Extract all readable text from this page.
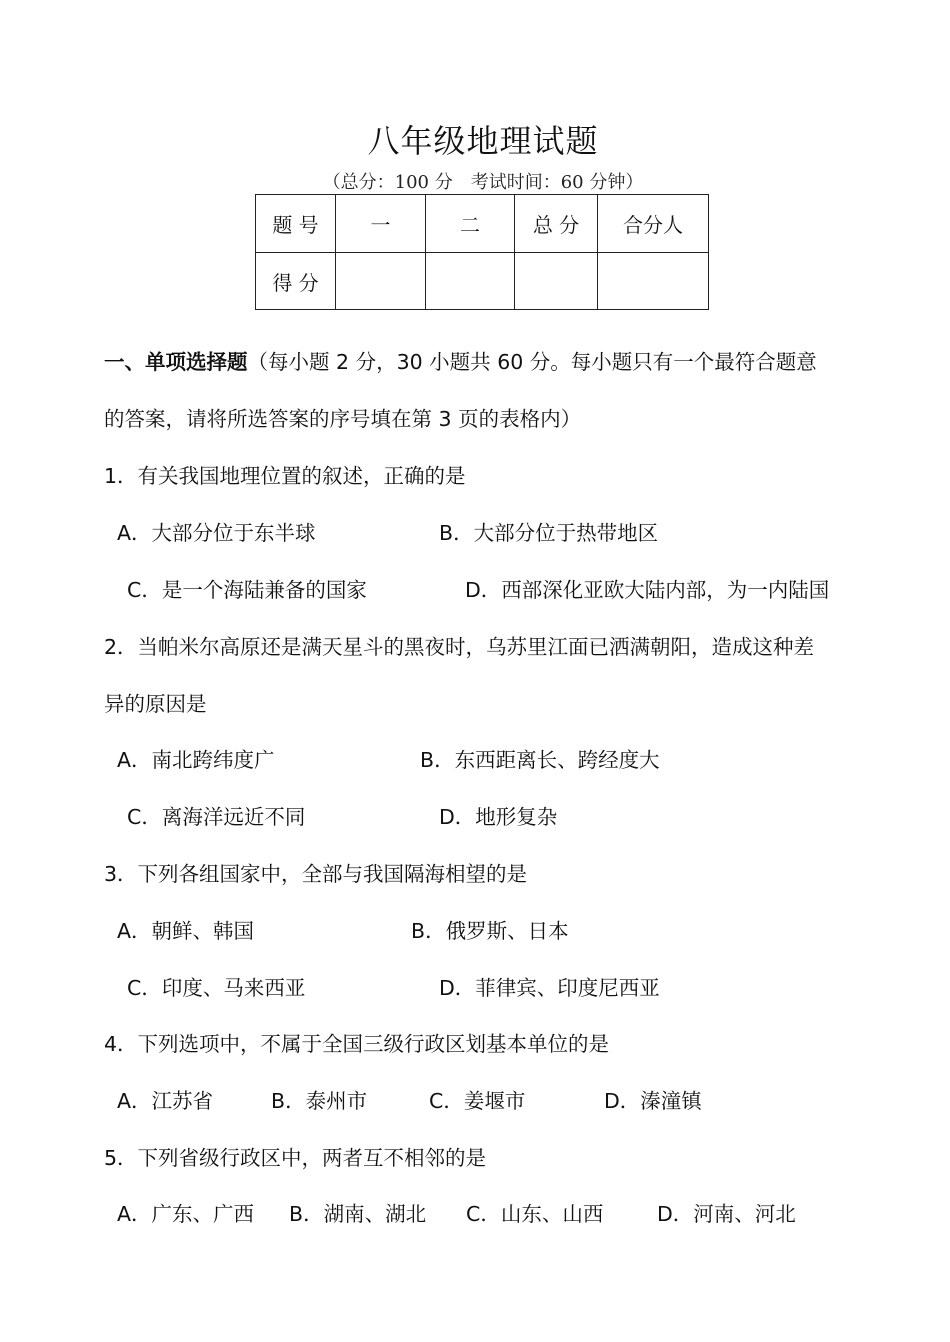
八年级地理试题
（总分：100 分　考试时间：60 分钟）
题 号	一	二	总 分	合分人
得 分				
一、单项选择题（每小题 2 分，30 小题共 60 分。每小题只有一个最符合题意
的答案，请将所选答案的序号填在第 3 页的表格内）
1．有关我国地理位置的叙述，正确的是
A．大部分位于东半球	B．大部分位于热带地区
C．是一个海陆兼备的国家	D．西部深化亚欧大陆内部，为一内陆国
2．当帕米尔高原还是满天星斗的黑夜时，乌苏里江面已洒满朝阳，造成这种差
异的原因是
A．南北跨纬度广	B．东西距离长、跨经度大
C．离海洋远近不同	D．地形复杂
3．下列各组国家中，全部与我国隔海相望的是
A．朝鲜、韩国	B．俄罗斯、日本
C．印度、马来西亚	D．菲律宾、印度尼西亚
4．下列选项中，不属于全国三级行政区划基本单位的是
A．江苏省	B．泰州市	C．姜堰市	D．溱潼镇
5．下列省级行政区中，两者互不相邻的是
A．广东、广西 B．湖南、湖北 C．山东、山西	D．河南、河北
